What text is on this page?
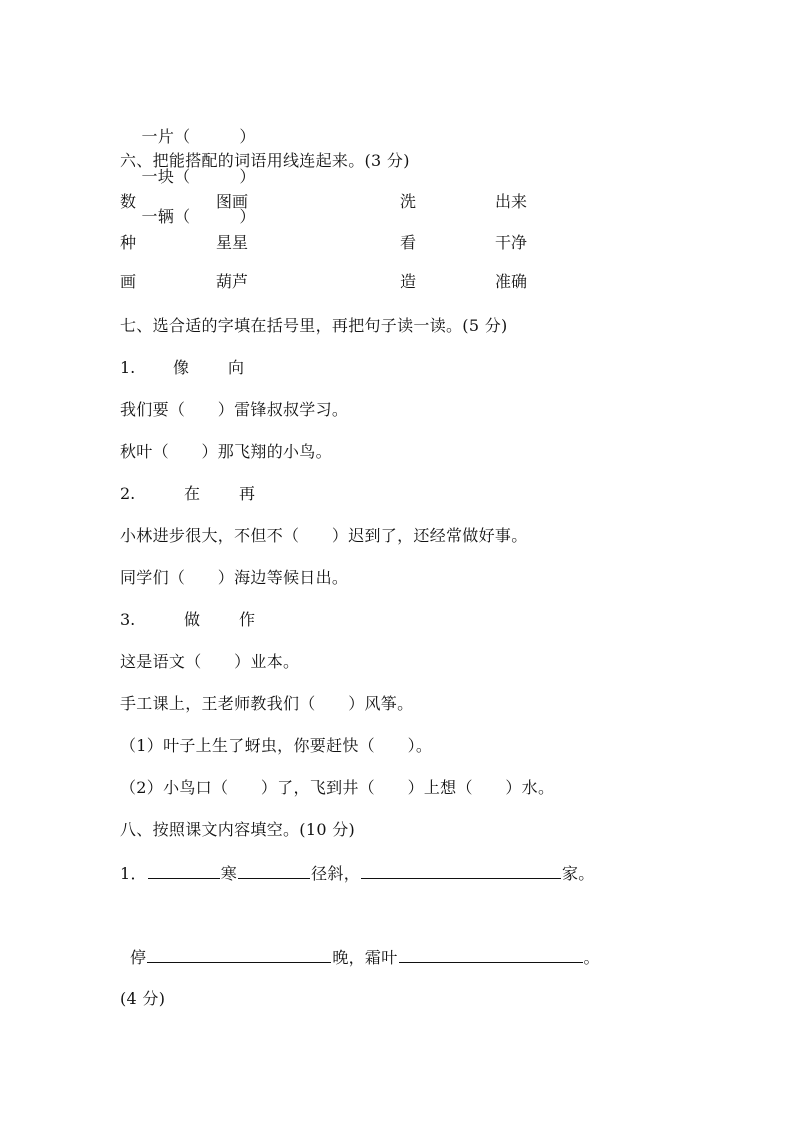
一片（　　　）

一块（　　　）

一辆（　　　）

六、把能搭配的词语用线连起来。(3 分)
数	图画	洗	出来
种	星星	看	干净
画	葫芦	造	准确
七、选合适的字填在括号里，再把句子读一读。(5 分)
1. 像 向
我们要（　　）雷锋叔叔学习。
秋叶（　　）那飞翔的小鸟。
2.	在 再
小林进步很大，不但不（　　）迟到了，还经常做好事。
同学们（　　）海边等候日出。
3.	做 作
这是语文（　　）业本。
手工课上，王老师教我们（　　）风筝。
（1）叶子上生了蚜虫，你要赶快（　　）。
（2）小鸟口（　　）了，飞到井（　　）上想（　　）水。
八、按照课文内容填空。(10 分)
1．	寒	径斜，	家。
停	晚，霜叶	。
(4 分)
